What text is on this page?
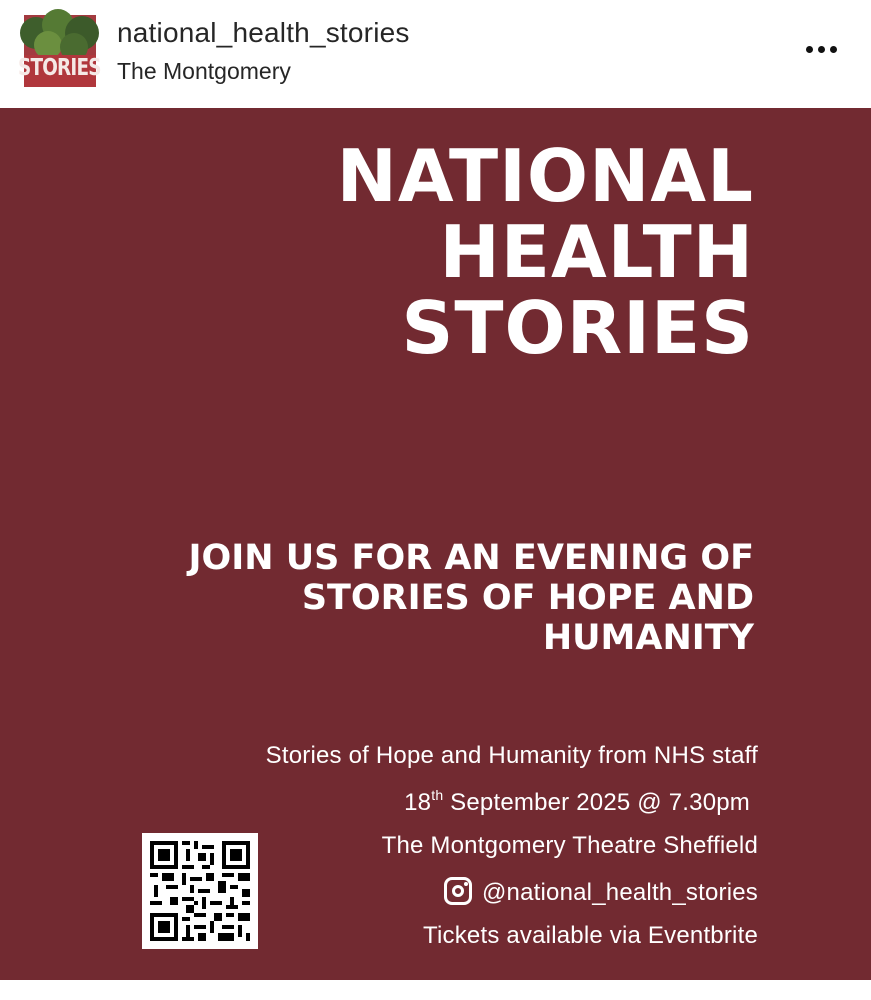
STORIES
national_health_stories
The Montgomery
NATIONAL
HEALTH
STORIES
JOIN US FOR AN EVENING OF
STORIES OF HOPE AND
HUMANITY
Stories of Hope and Humanity from NHS staff
18th September 2025 @ 7.30pm
The Montgomery Theatre Sheffield
@national_health_stories
Tickets available via Eventbrite
